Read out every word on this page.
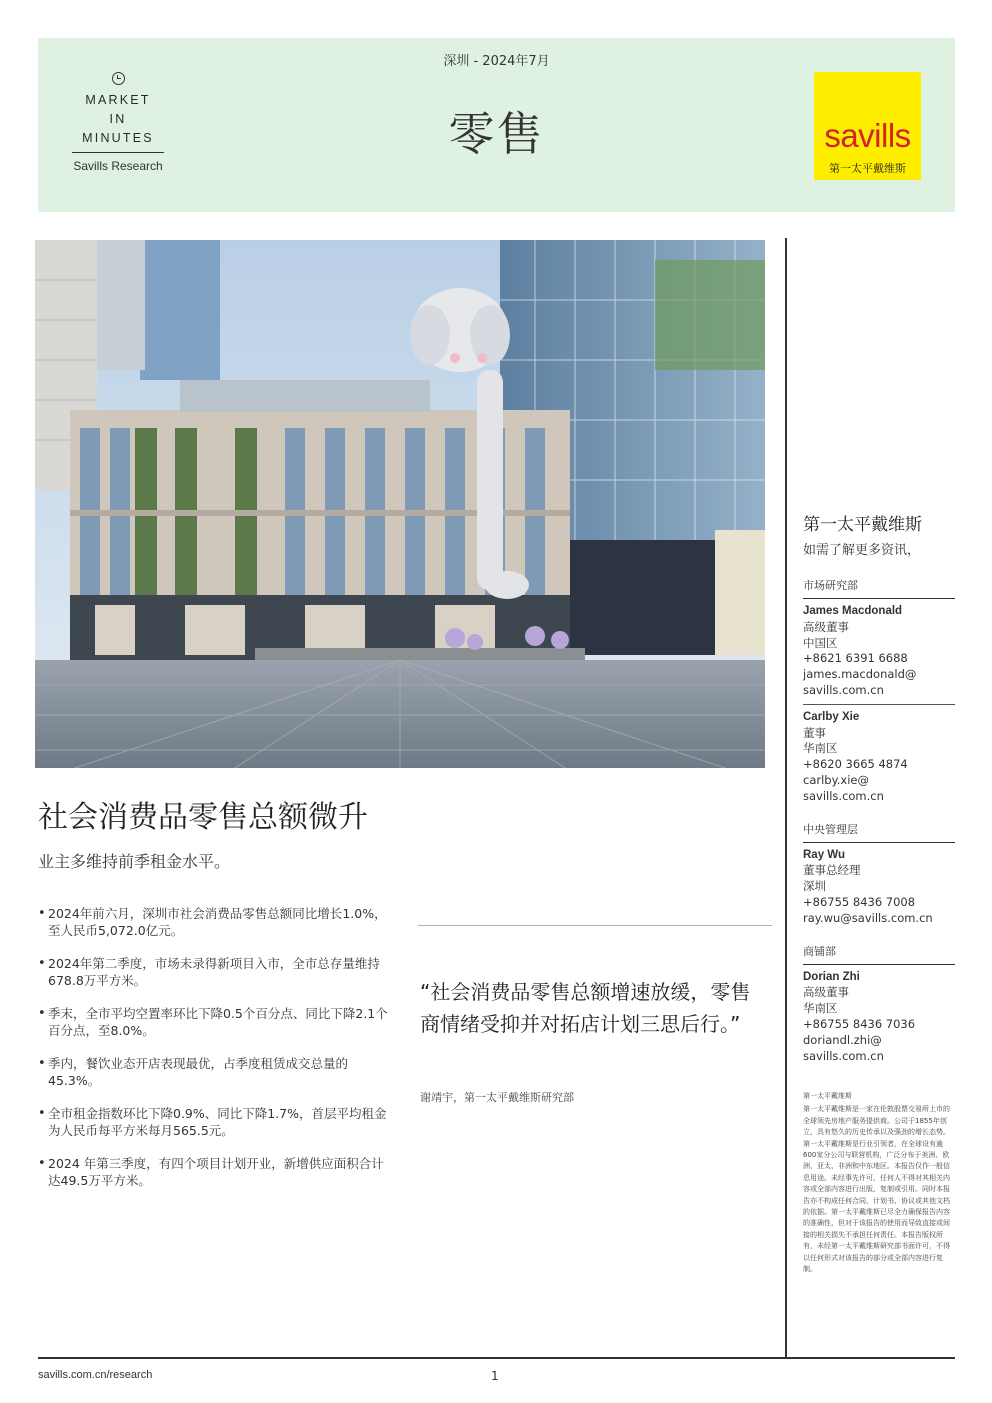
MARKET
IN
MINUTES
Savills Research
深圳 - 2024年7月
零售	savills
第一太平戴维斯
社会消费品零售总额微升
业主多维持前季租金水平。
• 2024年前六月，深圳市社会消费品零售总额同比增长1.0%，至人民币5,072.0亿元。
• 2024年第二季度，市场未录得新项目入市，全市总存量维持678.8万平方米。
• 季末，全市平均空置率环比下降0.5个百分点、同比下降2.1个百分点，至8.0%。
• 季内，餐饮业态开店表现最优，占季度租赁成交总量的45.3%。
• 全市租金指数环比下降0.9%、同比下降1.7%，首层平均租金为人民币每平方米每月565.5元。
• 2024 年第三季度，有四个项目计划开业，新增供应面积合计达49.5万平方米。
“社会消费品零售总额增速放缓，零售商情绪受抑并对拓店计划三思后行。”
谢靖宇，第一太平戴维斯研究部
第一太平戴维斯
如需了解更多资讯，
市场研究部
James Macdonald
高级董事
中国区
+8621 6391 6688
james.macdonald@
savills.com.cn
Carlby Xie
董事
华南区
+8620 3665 4874
carlby.xie@
savills.com.cn
中央管理层
Ray Wu
董事总经理
深圳
+86755 8436 7008
ray.wu@savills.com.cn
商铺部
Dorian Zhi
高级董事
华南区
+86755 8436 7036
doriandl.zhi@
savills.com.cn
第一太平戴维斯
第一太平戴维斯是一家在伦敦股票交易所上市的全球领先房地产服务提供商。公司于1855年创立，具有悠久的历史传承以及强劲的增长态势。第一太平戴维斯是行业引领者，在全球设有逾600家分公司与联营机构，广泛分布于美洲、欧洲、亚太、非洲和中东地区。本报告仅作一般信息用途。未经事先许可，任何人不得对其相关内容或全部内容进行出版、复制或引用。同时本报告亦不构成任何合同、计划书、协议或其他文档的依据。第一太平戴维斯已尽全力确保报告内容的准确性，但对于该报告的使用而导致直接或间接的相关损失不承担任何责任。本报告版权所有，未经第一太平戴维斯研究部书面许可，不得以任何形式对该报告的部分或全部内容进行复制。
savills.com.cn/research	1
